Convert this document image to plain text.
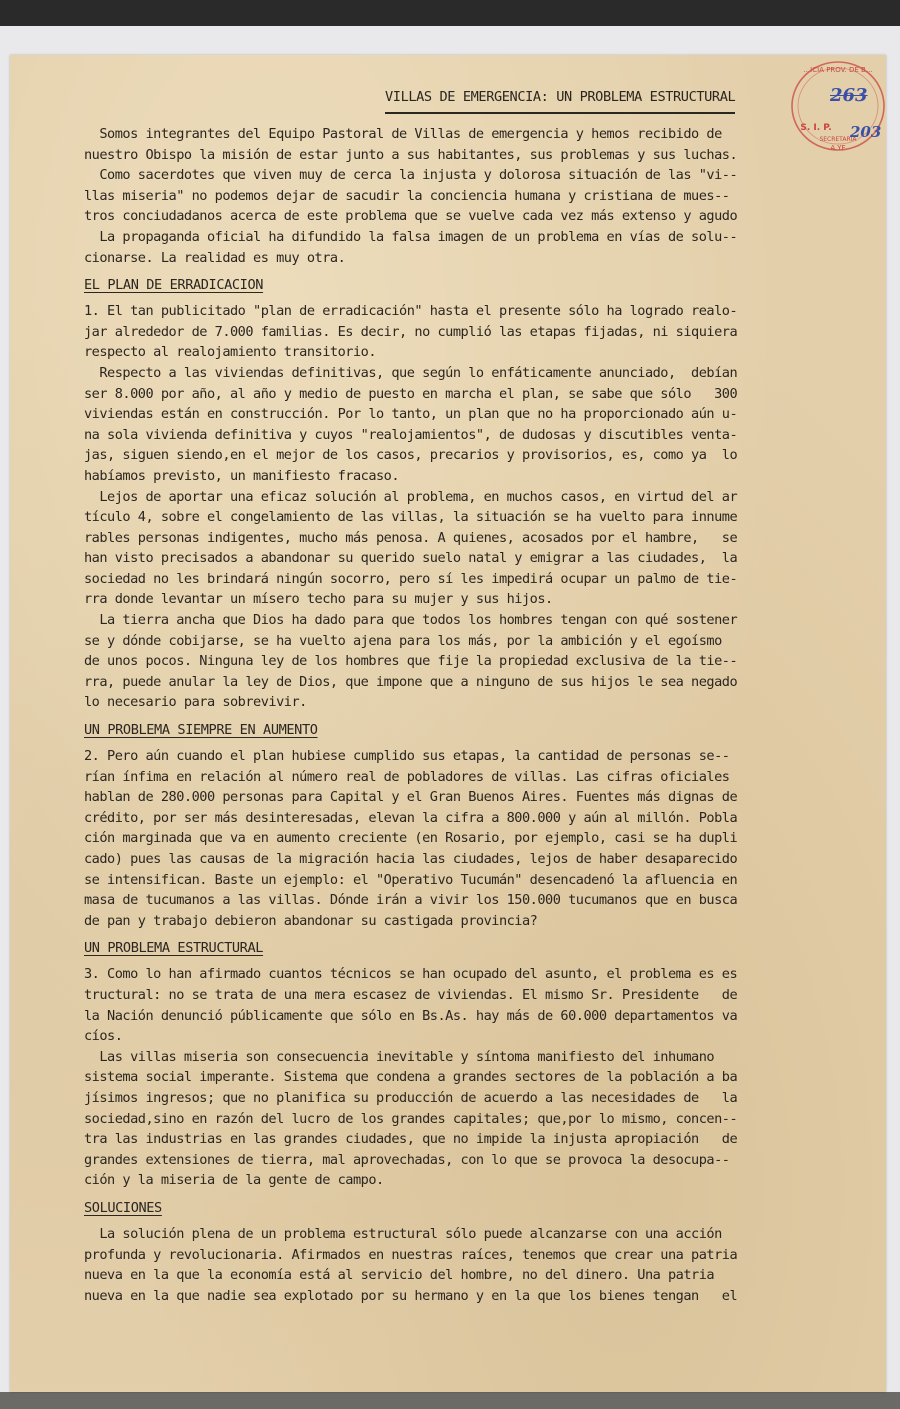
...ICIA PROV. DE B...
S. I. P.
SECRETARIA
A.YF
263
203
VILLAS DE EMERGENCIA: UN PROBLEMA ESTRUCTURAL
Somos integrantes del Equipo Pastoral de Villas de emergencia y hemos recibido de
nuestro Obispo la misión de estar junto a sus habitantes, sus problemas y sus luchas.
Como sacerdotes que viven muy de cerca la injusta y dolorosa situación de las "vi--
llas miseria" no podemos dejar de sacudir la conciencia humana y cristiana de mues--
tros conciudadanos acerca de este problema que se vuelve cada vez más extenso y agudo
La propaganda oficial ha difundido la falsa imagen de un problema en vías de solu--
cionarse. La realidad es muy otra.
EL PLAN DE ERRADICACION
1. El tan publicitado "plan de erradicación" hasta el presente sólo ha logrado realo-
jar alrededor de 7.000 familias. Es decir, no cumplió las etapas fijadas, ni siquiera
respecto al realojamiento transitorio.
Respecto a las viviendas definitivas, que según lo enfáticamente anunciado,  debían
ser 8.000 por año, al año y medio de puesto en marcha el plan, se sabe que sólo   300
viviendas están en construcción. Por lo tanto, un plan que no ha proporcionado aún u-
na sola vivienda definitiva y cuyos "realojamientos", de dudosas y discutibles venta-
jas, siguen siendo,en el mejor de los casos, precarios y provisorios, es, como ya  lo
habíamos previsto, un manifiesto fracaso.
Lejos de aportar una eficaz solución al problema, en muchos casos, en virtud del ar
tículo 4, sobre el congelamiento de las villas, la situación se ha vuelto para innume
rables personas indigentes, mucho más penosa. A quienes, acosados por el hambre,   se
han visto precisados a abandonar su querido suelo natal y emigrar a las ciudades,  la
sociedad no les brindará ningún socorro, pero sí les impedirá ocupar un palmo de tie-
rra donde levantar un mísero techo para su mujer y sus hijos.
La tierra ancha que Dios ha dado para que todos los hombres tengan con qué sostener
se y dónde cobijarse, se ha vuelto ajena para los más, por la ambición y el egoísmo
de unos pocos. Ninguna ley de los hombres que fije la propiedad exclusiva de la tie--
rra, puede anular la ley de Dios, que impone que a ninguno de sus hijos le sea negado
lo necesario para sobrevivir.
UN PROBLEMA SIEMPRE EN AUMENTO
2. Pero aún cuando el plan hubiese cumplido sus etapas, la cantidad de personas se--
rían ínfima en relación al número real de pobladores de villas. Las cifras oficiales
hablan de 280.000 personas para Capital y el Gran Buenos Aires. Fuentes más dignas de
crédito, por ser más desinteresadas, elevan la cifra a 800.000 y aún al millón. Pobla
ción marginada que va en aumento creciente (en Rosario, por ejemplo, casi se ha dupli
cado) pues las causas de la migración hacia las ciudades, lejos de haber desaparecido
se intensifican. Baste un ejemplo: el "Operativo Tucumán" desencadenó la afluencia en
masa de tucumanos a las villas. Dónde irán a vivir los 150.000 tucumanos que en busca
de pan y trabajo debieron abandonar su castigada provincia?
UN PROBLEMA ESTRUCTURAL
3. Como lo han afirmado cuantos técnicos se han ocupado del asunto, el problema es es
tructural: no se trata de una mera escasez de viviendas. El mismo Sr. Presidente   de
la Nación denunció públicamente que sólo en Bs.As. hay más de 60.000 departamentos va
cíos.
Las villas miseria son consecuencia inevitable y síntoma manifiesto del inhumano
sistema social imperante. Sistema que condena a grandes sectores de la población a ba
jísimos ingresos; que no planifica su producción de acuerdo a las necesidades de   la
sociedad,sino en razón del lucro de los grandes capitales; que,por lo mismo, concen--
tra las industrias en las grandes ciudades, que no impide la injusta apropiación   de
grandes extensiones de tierra, mal aprovechadas, con lo que se provoca la desocupa--
ción y la miseria de la gente de campo.
SOLUCIONES
La solución plena de un problema estructural sólo puede alcanzarse con una acción
profunda y revolucionaria. Afirmados en nuestras raíces, tenemos que crear una patria
nueva en la que la economía está al servicio del hombre, no del dinero. Una patria
nueva en la que nadie sea explotado por su hermano y en la que los bienes tengan   el
